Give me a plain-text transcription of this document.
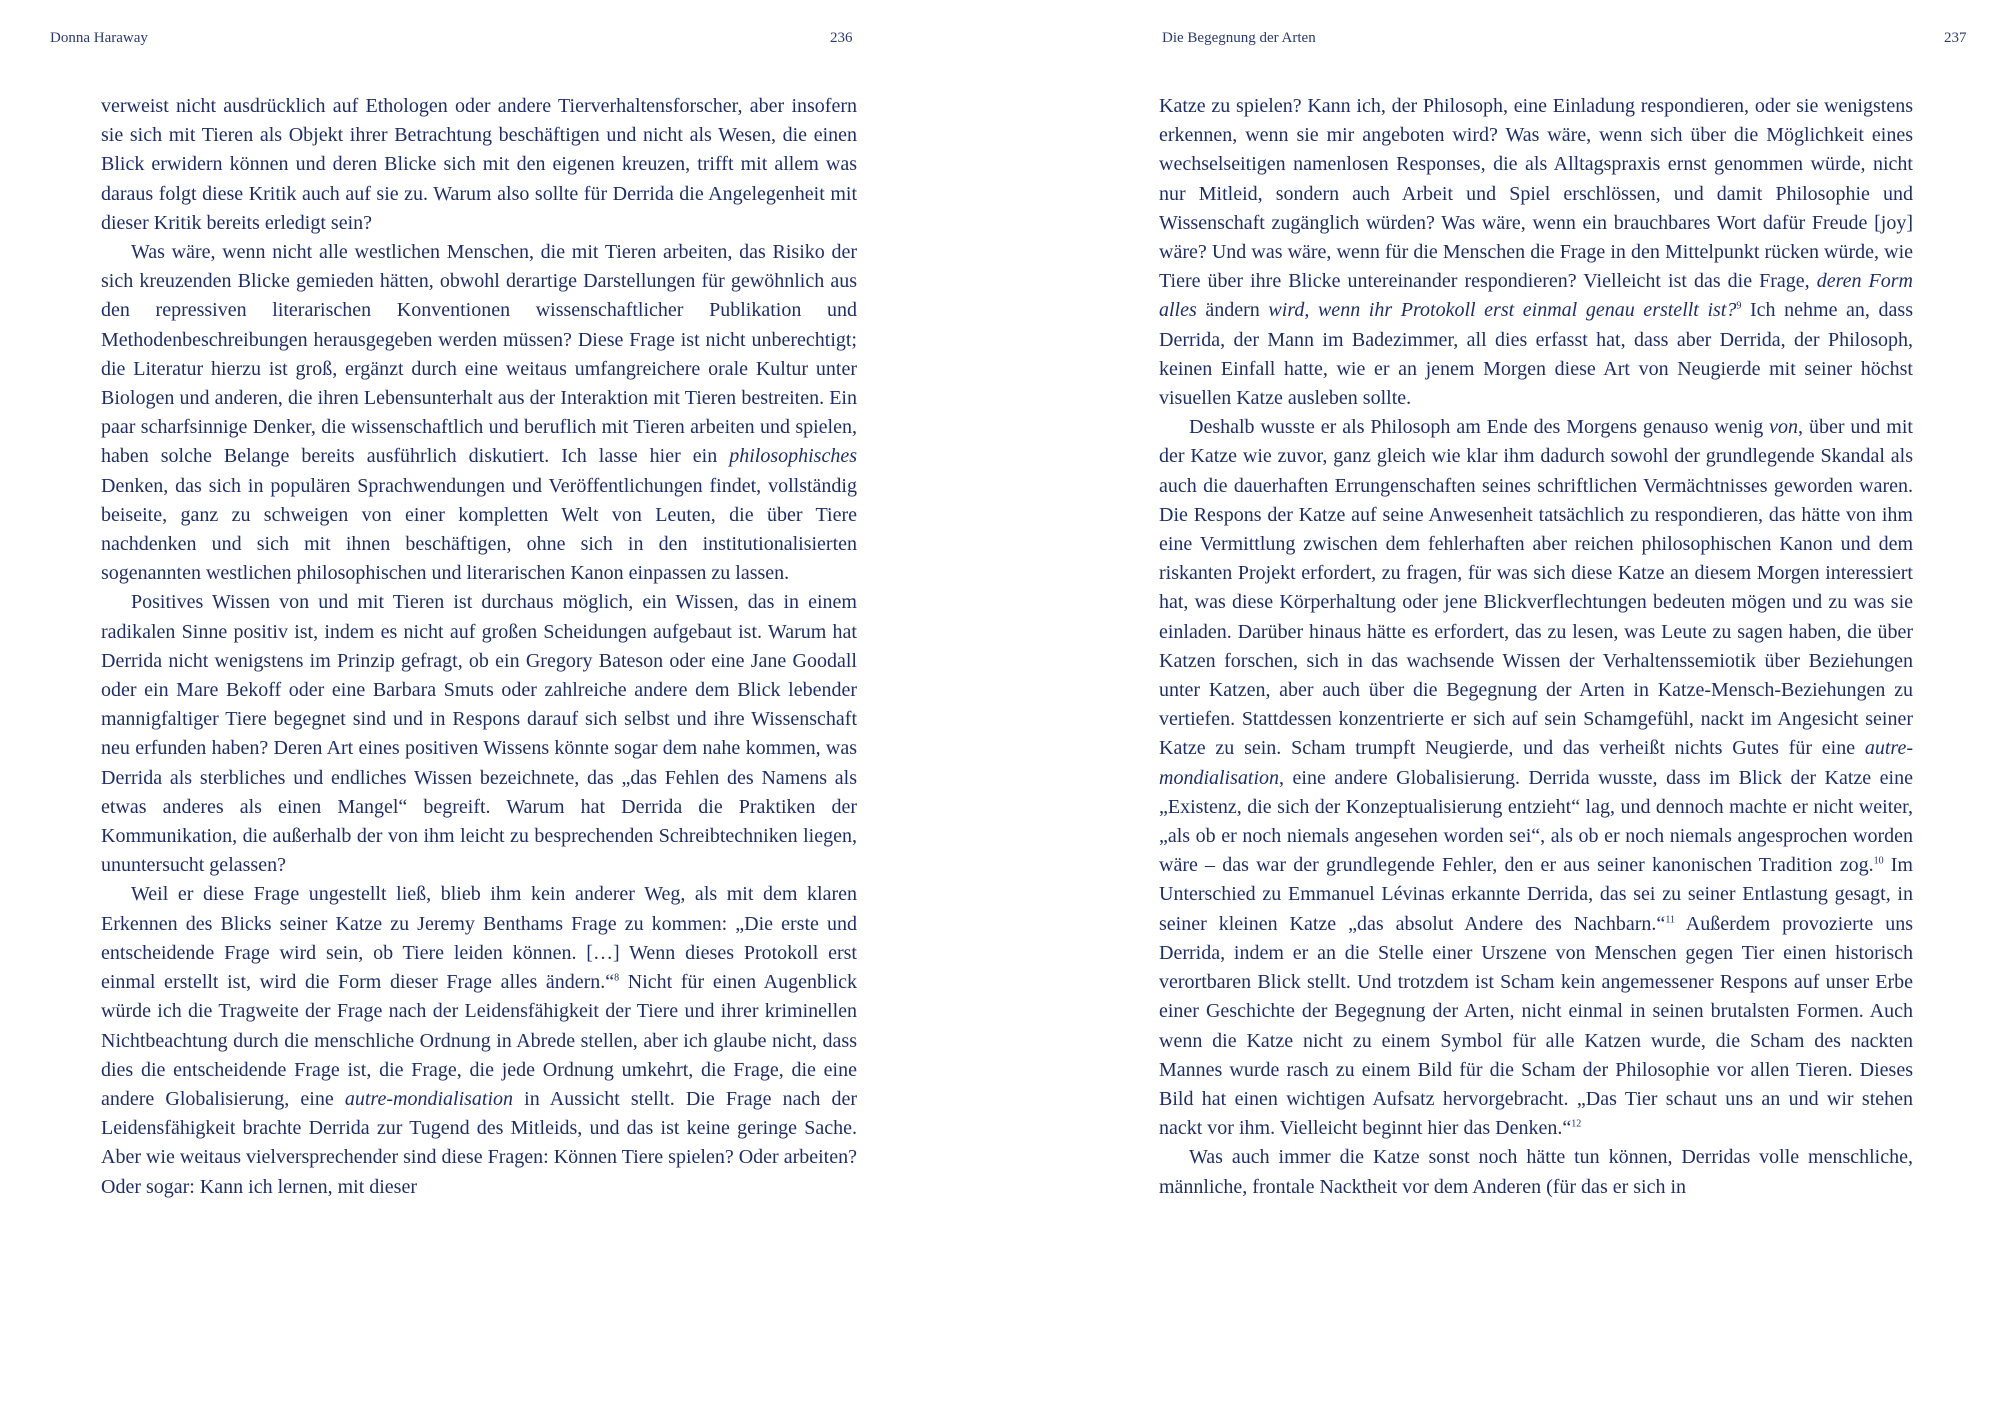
Donna Haraway	236

verweist nicht ausdrücklich auf Ethologen oder andere Tierverhaltensforscher, aber insofern sie sich mit Tieren als Objekt ihrer Betrachtung beschäftigen und nicht als Wesen, die einen Blick erwidern können und deren Blicke sich mit den eigenen kreuzen, trifft mit allem was daraus folgt diese Kritik auch auf sie zu. Warum also sollte für Derrida die Angelegenheit mit dieser Kritik bereits erledigt sein?

Was wäre, wenn nicht alle westlichen Menschen, die mit Tieren arbeiten, das Risiko der sich kreuzenden Blicke gemieden hätten, obwohl derartige Darstellungen für gewöhnlich aus den repressiven literarischen Konventionen wissenschaftlicher Publikation und Methodenbeschreibungen herausgegeben werden müssen? Diese Frage ist nicht unberechtigt; die Literatur hierzu ist groß, ergänzt durch eine weitaus umfangreichere orale Kultur unter Biologen und anderen, die ihren Lebensunterhalt aus der Interaktion mit Tieren bestreiten. Ein paar scharfsinnige Denker, die wissenschaftlich und beruflich mit Tieren arbeiten und spielen, haben solche Belange bereits ausführlich diskutiert. Ich lasse hier ein philosophisches Denken, das sich in populären Sprachwendungen und Veröffentlichungen findet, vollständig beiseite, ganz zu schweigen von einer kompletten Welt von Leuten, die über Tiere nachdenken und sich mit ihnen beschäftigen, ohne sich in den institutionalisierten sogenannten westlichen philosophischen und literarischen Kanon einpassen zu lassen.

Positives Wissen von und mit Tieren ist durchaus möglich, ein Wissen, das in einem radikalen Sinne positiv ist, indem es nicht auf großen Scheidungen aufgebaut ist. Warum hat Derrida nicht wenigstens im Prinzip gefragt, ob ein Gregory Bateson oder eine Jane Goodall oder ein Mare Bekoff oder eine Barbara Smuts oder zahlreiche andere dem Blick lebender mannigfaltiger Tiere begegnet sind und in Respons darauf sich selbst und ihre Wissenschaft neu erfunden haben? Deren Art eines positiven Wissens könnte sogar dem nahe kommen, was Derrida als sterbliches und endliches Wissen bezeichnete, das „das Fehlen des Namens als etwas anderes als einen Mangel“ begreift. Warum hat Derrida die Praktiken der Kommunikation, die außerhalb der von ihm leicht zu besprechenden Schreibtechniken liegen, ununtersucht gelassen?

Weil er diese Frage ungestellt ließ, blieb ihm kein anderer Weg, als mit dem klaren Erkennen des Blicks seiner Katze zu Jeremy Benthams Frage zu kommen: „Die erste und entscheidende Frage wird sein, ob Tiere leiden können. […] Wenn dieses Protokoll erst einmal erstellt ist, wird die Form dieser Frage alles ändern.“$^8$ Nicht für einen Augenblick würde ich die Tragweite der Frage nach der Leidensfähigkeit der Tiere und ihrer kriminellen Nichtbeachtung durch die menschliche Ordnung in Abrede stellen, aber ich glaube nicht, dass dies die entscheidende Frage ist, die Frage, die jede Ordnung umkehrt, die Frage, die eine andere Globalisierung, eine autre-mondialisation in Aussicht stellt. Die Frage nach der Leidensfähigkeit brachte Derrida zur Tugend des Mitleids, und das ist keine geringe Sache. Aber wie weitaus vielversprechender sind diese Fragen: Können Tiere spielen? Oder arbeiten? Oder sogar: Kann ich lernen, mit dieser

Die Begegnung der Arten	237

Katze zu spielen? Kann ich, der Philosoph, eine Einladung respondieren, oder sie wenigstens erkennen, wenn sie mir angeboten wird? Was wäre, wenn sich über die Möglichkeit eines wechselseitigen namenlosen Responses, die als Alltagspraxis ernst genommen würde, nicht nur Mitleid, sondern auch Arbeit und Spiel erschlössen, und damit Philosophie und Wissenschaft zugänglich würden? Was wäre, wenn ein brauchbares Wort dafür Freude [joy] wäre? Und was wäre, wenn für die Menschen die Frage in den Mittelpunkt rücken würde, wie Tiere über ihre Blicke untereinander respondieren? Vielleicht ist das die Frage, deren Form alles ändern wird, wenn ihr Protokoll erst einmal genau erstellt ist?$^9$ Ich nehme an, dass Derrida, der Mann im Badezimmer, all dies erfasst hat, dass aber Derrida, der Philosoph, keinen Einfall hatte, wie er an jenem Morgen diese Art von Neugierde mit seiner höchst visuellen Katze ausleben sollte.

Deshalb wusste er als Philosoph am Ende des Morgens genauso wenig von, über und mit der Katze wie zuvor, ganz gleich wie klar ihm dadurch sowohl der grundlegende Skandal als auch die dauerhaften Errungenschaften seines schriftlichen Vermächtnisses geworden waren. Die Respons der Katze auf seine Anwesenheit tatsächlich zu respondieren, das hätte von ihm eine Vermittlung zwischen dem fehlerhaften aber reichen philosophischen Kanon und dem riskanten Projekt erfordert, zu fragen, für was sich diese Katze an diesem Morgen interessiert hat, was diese Körperhaltung oder jene Blickverflechtungen bedeuten mögen und zu was sie einladen. Darüber hinaus hätte es erfordert, das zu lesen, was Leute zu sagen haben, die über Katzen forschen, sich in das wachsende Wissen der Verhaltenssemiotik über Beziehungen unter Katzen, aber auch über die Begegnung der Arten in Katze-Mensch-Beziehungen zu vertiefen. Stattdessen konzentrierte er sich auf sein Schamgefühl, nackt im Angesicht seiner Katze zu sein. Scham trumpft Neugierde, und das verheißt nichts Gutes für eine autre-mondialisation, eine andere Globalisierung. Derrida wusste, dass im Blick der Katze eine „Existenz, die sich der Konzeptualisierung entzieht“ lag, und dennoch machte er nicht weiter, „als ob er noch niemals angesehen worden sei“, als ob er noch niemals angesprochen worden wäre – das war der grundlegende Fehler, den er aus seiner kanonischen Tradition zog.$^{10}$ Im Unterschied zu Emmanuel Lévinas erkannte Derrida, das sei zu seiner Entlastung gesagt, in seiner kleinen Katze „das absolut Andere des Nachbarn.“$^{11}$ Außerdem provozierte uns Derrida, indem er an die Stelle einer Urszene von Menschen gegen Tier einen historisch verortbaren Blick stellt. Und trotzdem ist Scham kein angemessener Respons auf unser Erbe einer Geschichte der Begegnung der Arten, nicht einmal in seinen brutalsten Formen. Auch wenn die Katze nicht zu einem Symbol für alle Katzen wurde, die Scham des nackten Mannes wurde rasch zu einem Bild für die Scham der Philosophie vor allen Tieren. Dieses Bild hat einen wichtigen Aufsatz hervorgebracht. „Das Tier schaut uns an und wir stehen nackt vor ihm. Vielleicht beginnt hier das Denken.“$^{12}$

Was auch immer die Katze sonst noch hätte tun können, Derridas volle menschliche, männliche, frontale Nacktheit vor dem Anderen (für das er sich in
